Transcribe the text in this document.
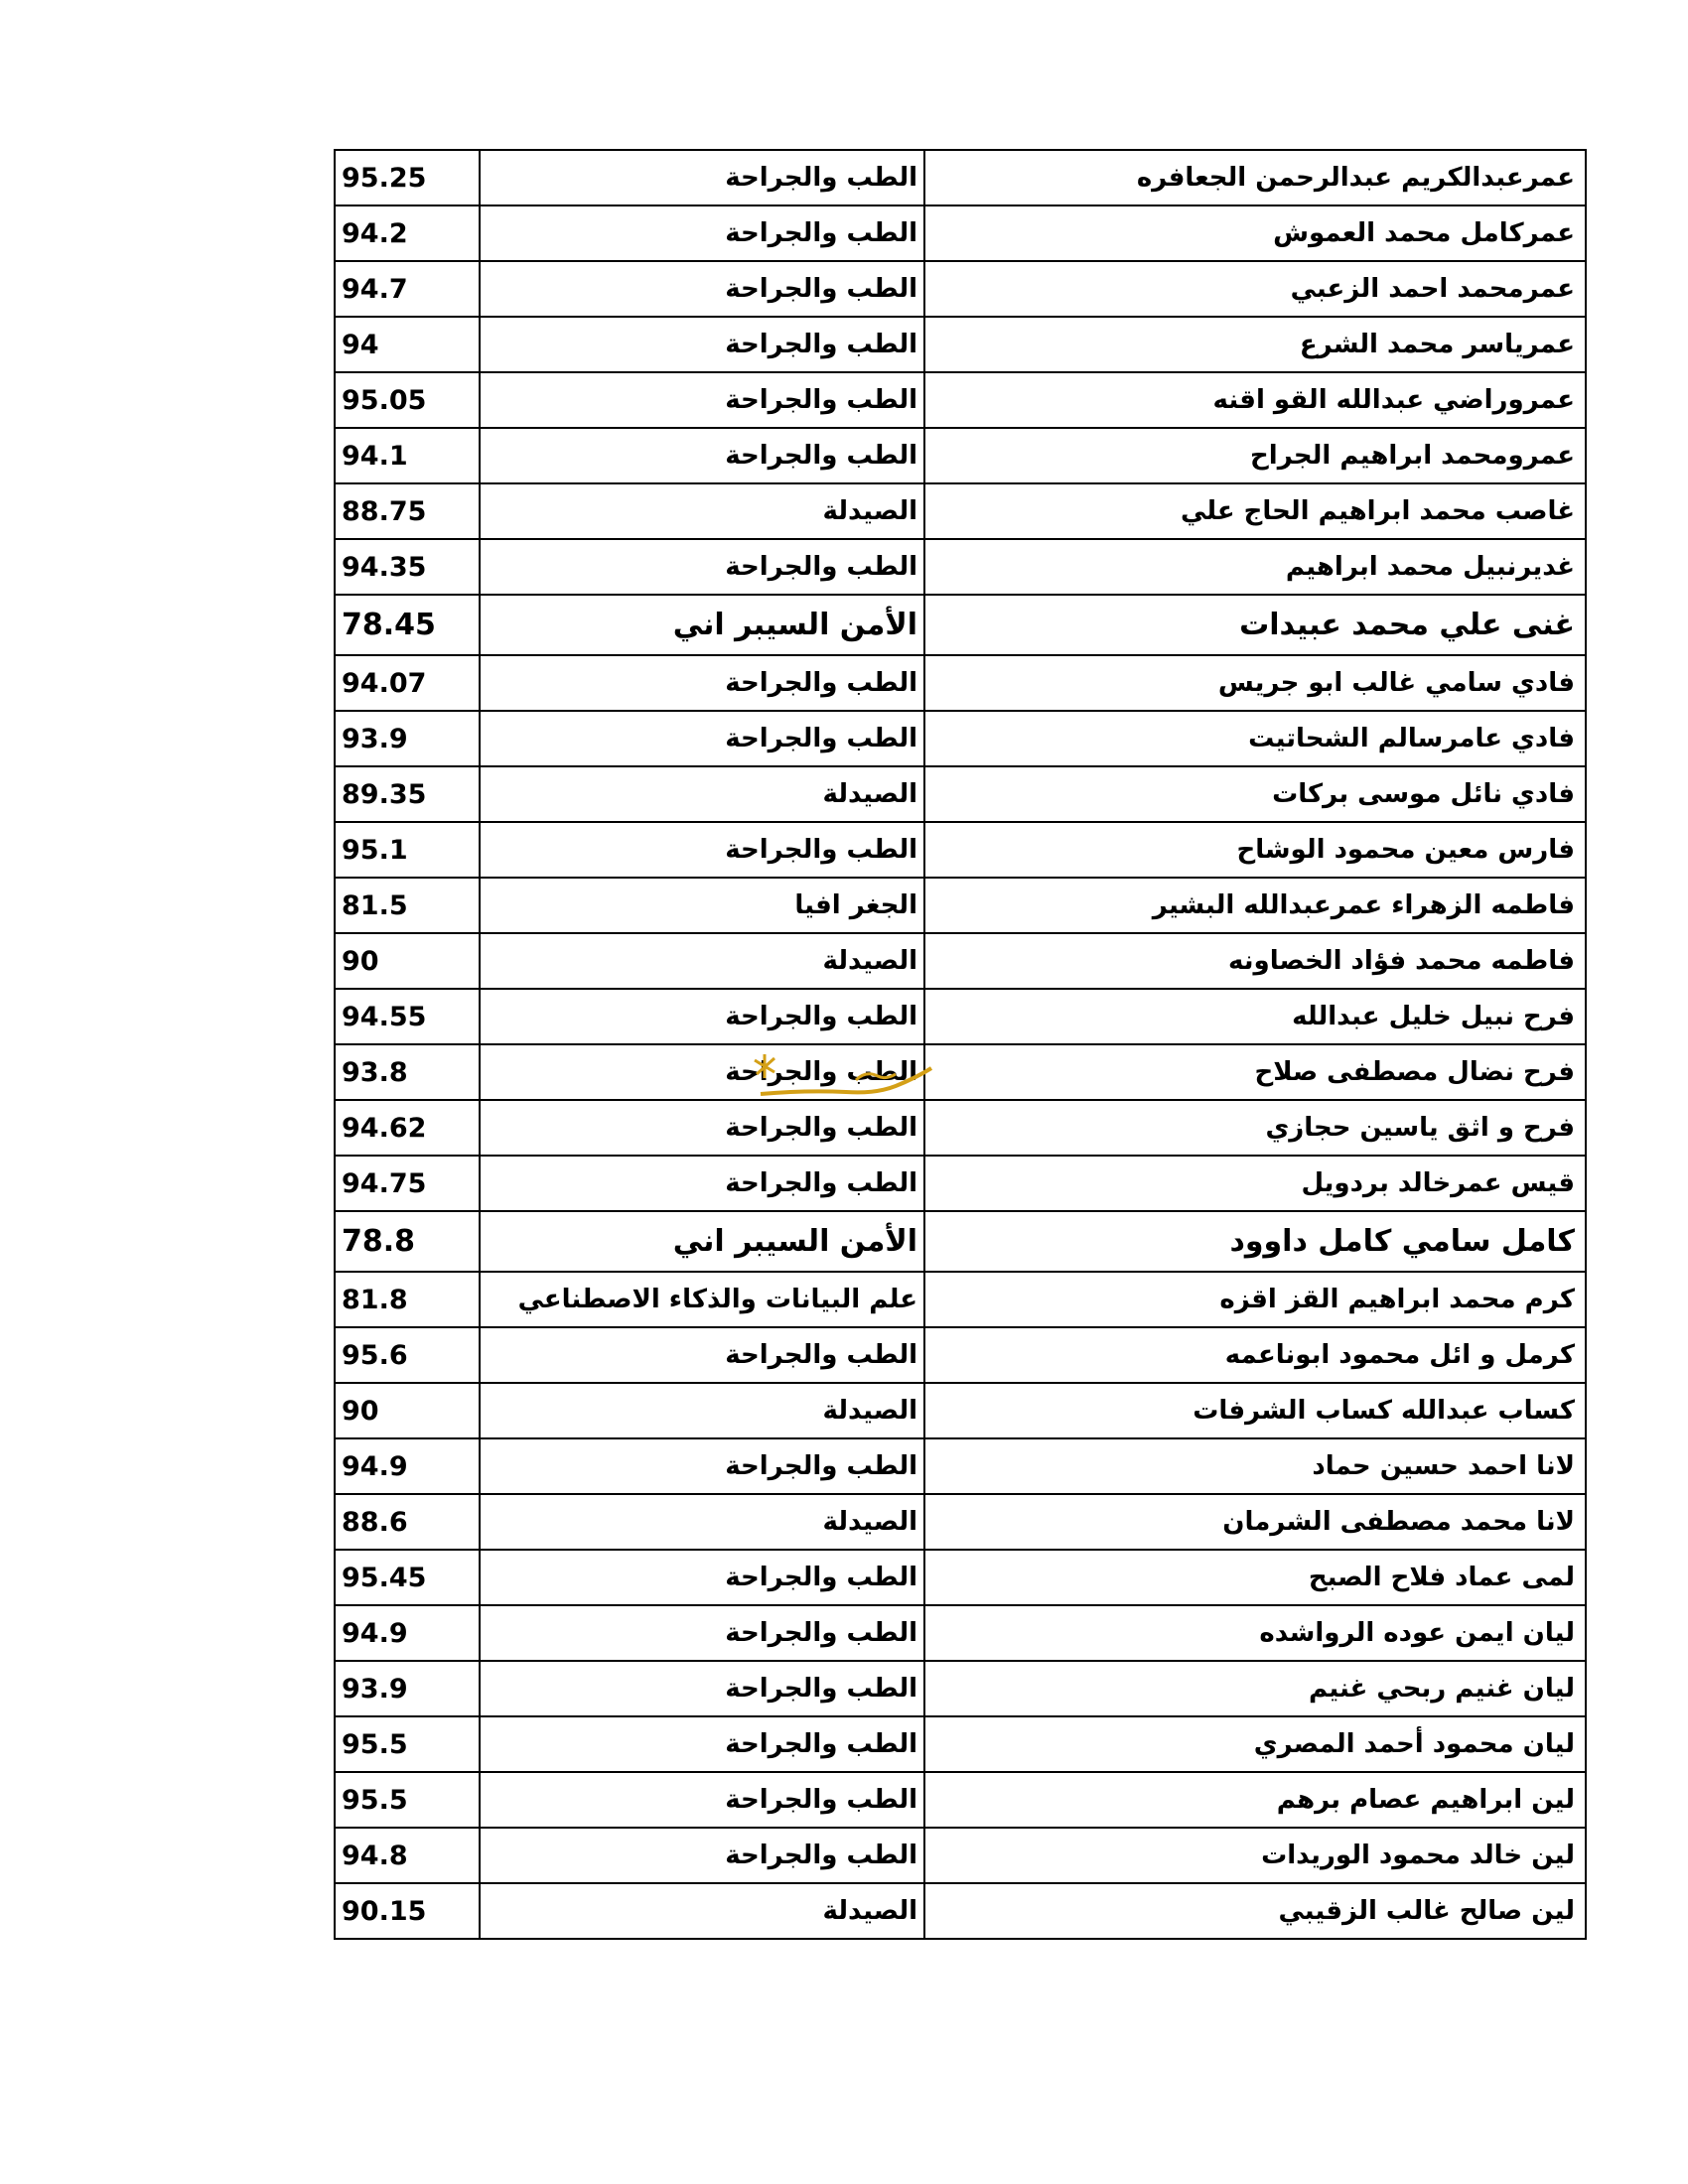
عمرعبدالكريم عبدالرحمن الجعافره	الطب والجراحة	95.25
عمركامل محمد العموش	الطب والجراحة	94.2
عمرمحمد احمد الزعبي	الطب والجراحة	94.7
عمرياسر محمد الشرع	الطب والجراحة	94
عمروراضي عبدالله القو اقنه	الطب والجراحة	95.05
عمرومحمد ابراهيم الجراح	الطب والجراحة	94.1
غاصب محمد ابراهيم الحاج علي	الصيدلة	88.75
غديرنبيل محمد ابراهيم	الطب والجراحة	94.35
غنى علي محمد عبيدات	الأمن السيبر اني	78.45
فادي سامي غالب ابو جريس	الطب والجراحة	94.07
فادي عامرسالم الشحاتيت	الطب والجراحة	93.9
فادي نائل موسى بركات	الصيدلة	89.35
فارس معين محمود الوشاح	الطب والجراحة	95.1
فاطمه الزهراء عمرعبدالله البشير	الجغر افيا	81.5
فاطمه محمد فؤاد الخصاونه	الصيدلة	90
فرح نبيل خليل عبدالله	الطب والجراحة	94.55
فرح نضال مصطفى صلاح	الطب والجراحة	93.8
فرح و اثق ياسين حجازي	الطب والجراحة	94.62
قيس عمرخالد بردويل	الطب والجراحة	94.75
كامل سامي كامل داوود	الأمن السيبر اني	78.8
كرم محمد ابراهيم القز اقزه	علم البيانات والذكاء الاصطناعي	81.8
كرمل و ائل محمود ابوناعمه	الطب والجراحة	95.6
كساب عبدالله كساب الشرفات	الصيدلة	90
لانا احمد حسين حماد	الطب والجراحة	94.9
لانا محمد مصطفى الشرمان	الصيدلة	88.6
لمى عماد فلاح الصبح	الطب والجراحة	95.45
ليان ايمن عوده الرواشده	الطب والجراحة	94.9
ليان غنيم ربحي غنيم	الطب والجراحة	93.9
ليان محمود أحمد المصري	الطب والجراحة	95.5
لين ابراهيم عصام برهم	الطب والجراحة	95.5
لين خالد محمود الوريدات	الطب والجراحة	94.8
لين صالح غالب الزقيبي	الصيدلة	90.15
